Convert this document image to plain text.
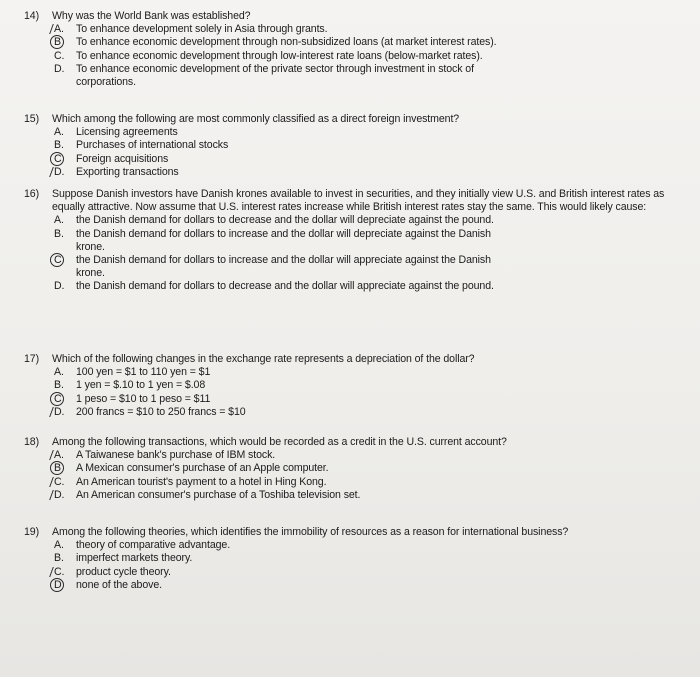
14)	Why was the World Bank was established?
A.	To enhance development solely in Asia through grants.
B	To enhance economic development through non-subsidized loans (at market interest rates).
C.	To enhance economic development through low-interest rate loans (below-market rates).
D.	To enhance economic development of the private sector through investment in stock of corporations.
15)	Which among the following are most commonly classified as a direct foreign investment?
A.	Licensing agreements
B.	Purchases of international stocks
C	Foreign acquisitions
D.	Exporting transactions
16)	Suppose Danish investors have Danish krones available to invest in securities, and they initially view U.S. and British interest rates as equally attractive. Now assume that U.S. interest rates increase while British interest rates stay the same. This would likely cause:
A.	the Danish demand for dollars to decrease and the dollar will depreciate against the pound.
B.	the Danish demand for dollars to increase and the dollar will depreciate against the Danish krone.
C	the Danish demand for dollars to increase and the dollar will appreciate against the Danish krone.
D.	the Danish demand for dollars to decrease and the dollar will appreciate against the pound.
17)	Which of the following changes in the exchange rate represents a depreciation of the dollar?
A.	100 yen = $1 to 110 yen = $1
B.	1 yen = $.10 to 1 yen = $.08
C	1 peso = $10 to 1 peso = $11
D.	200 francs = $10 to 250 francs = $10
18)	Among the following transactions, which would be recorded as a credit in the U.S. current account?
A.	A Taiwanese bank's purchase of IBM stock.
B	A Mexican consumer's purchase of an Apple computer.
C.	An American tourist's payment to a hotel in Hing Kong.
D.	An American consumer's purchase of a Toshiba television set.
19)	Among the following theories, which identifies the immobility of resources as a reason for international business?
A.	theory of comparative advantage.
B.	imperfect markets theory.
C.	product cycle theory.
D	none of the above.
